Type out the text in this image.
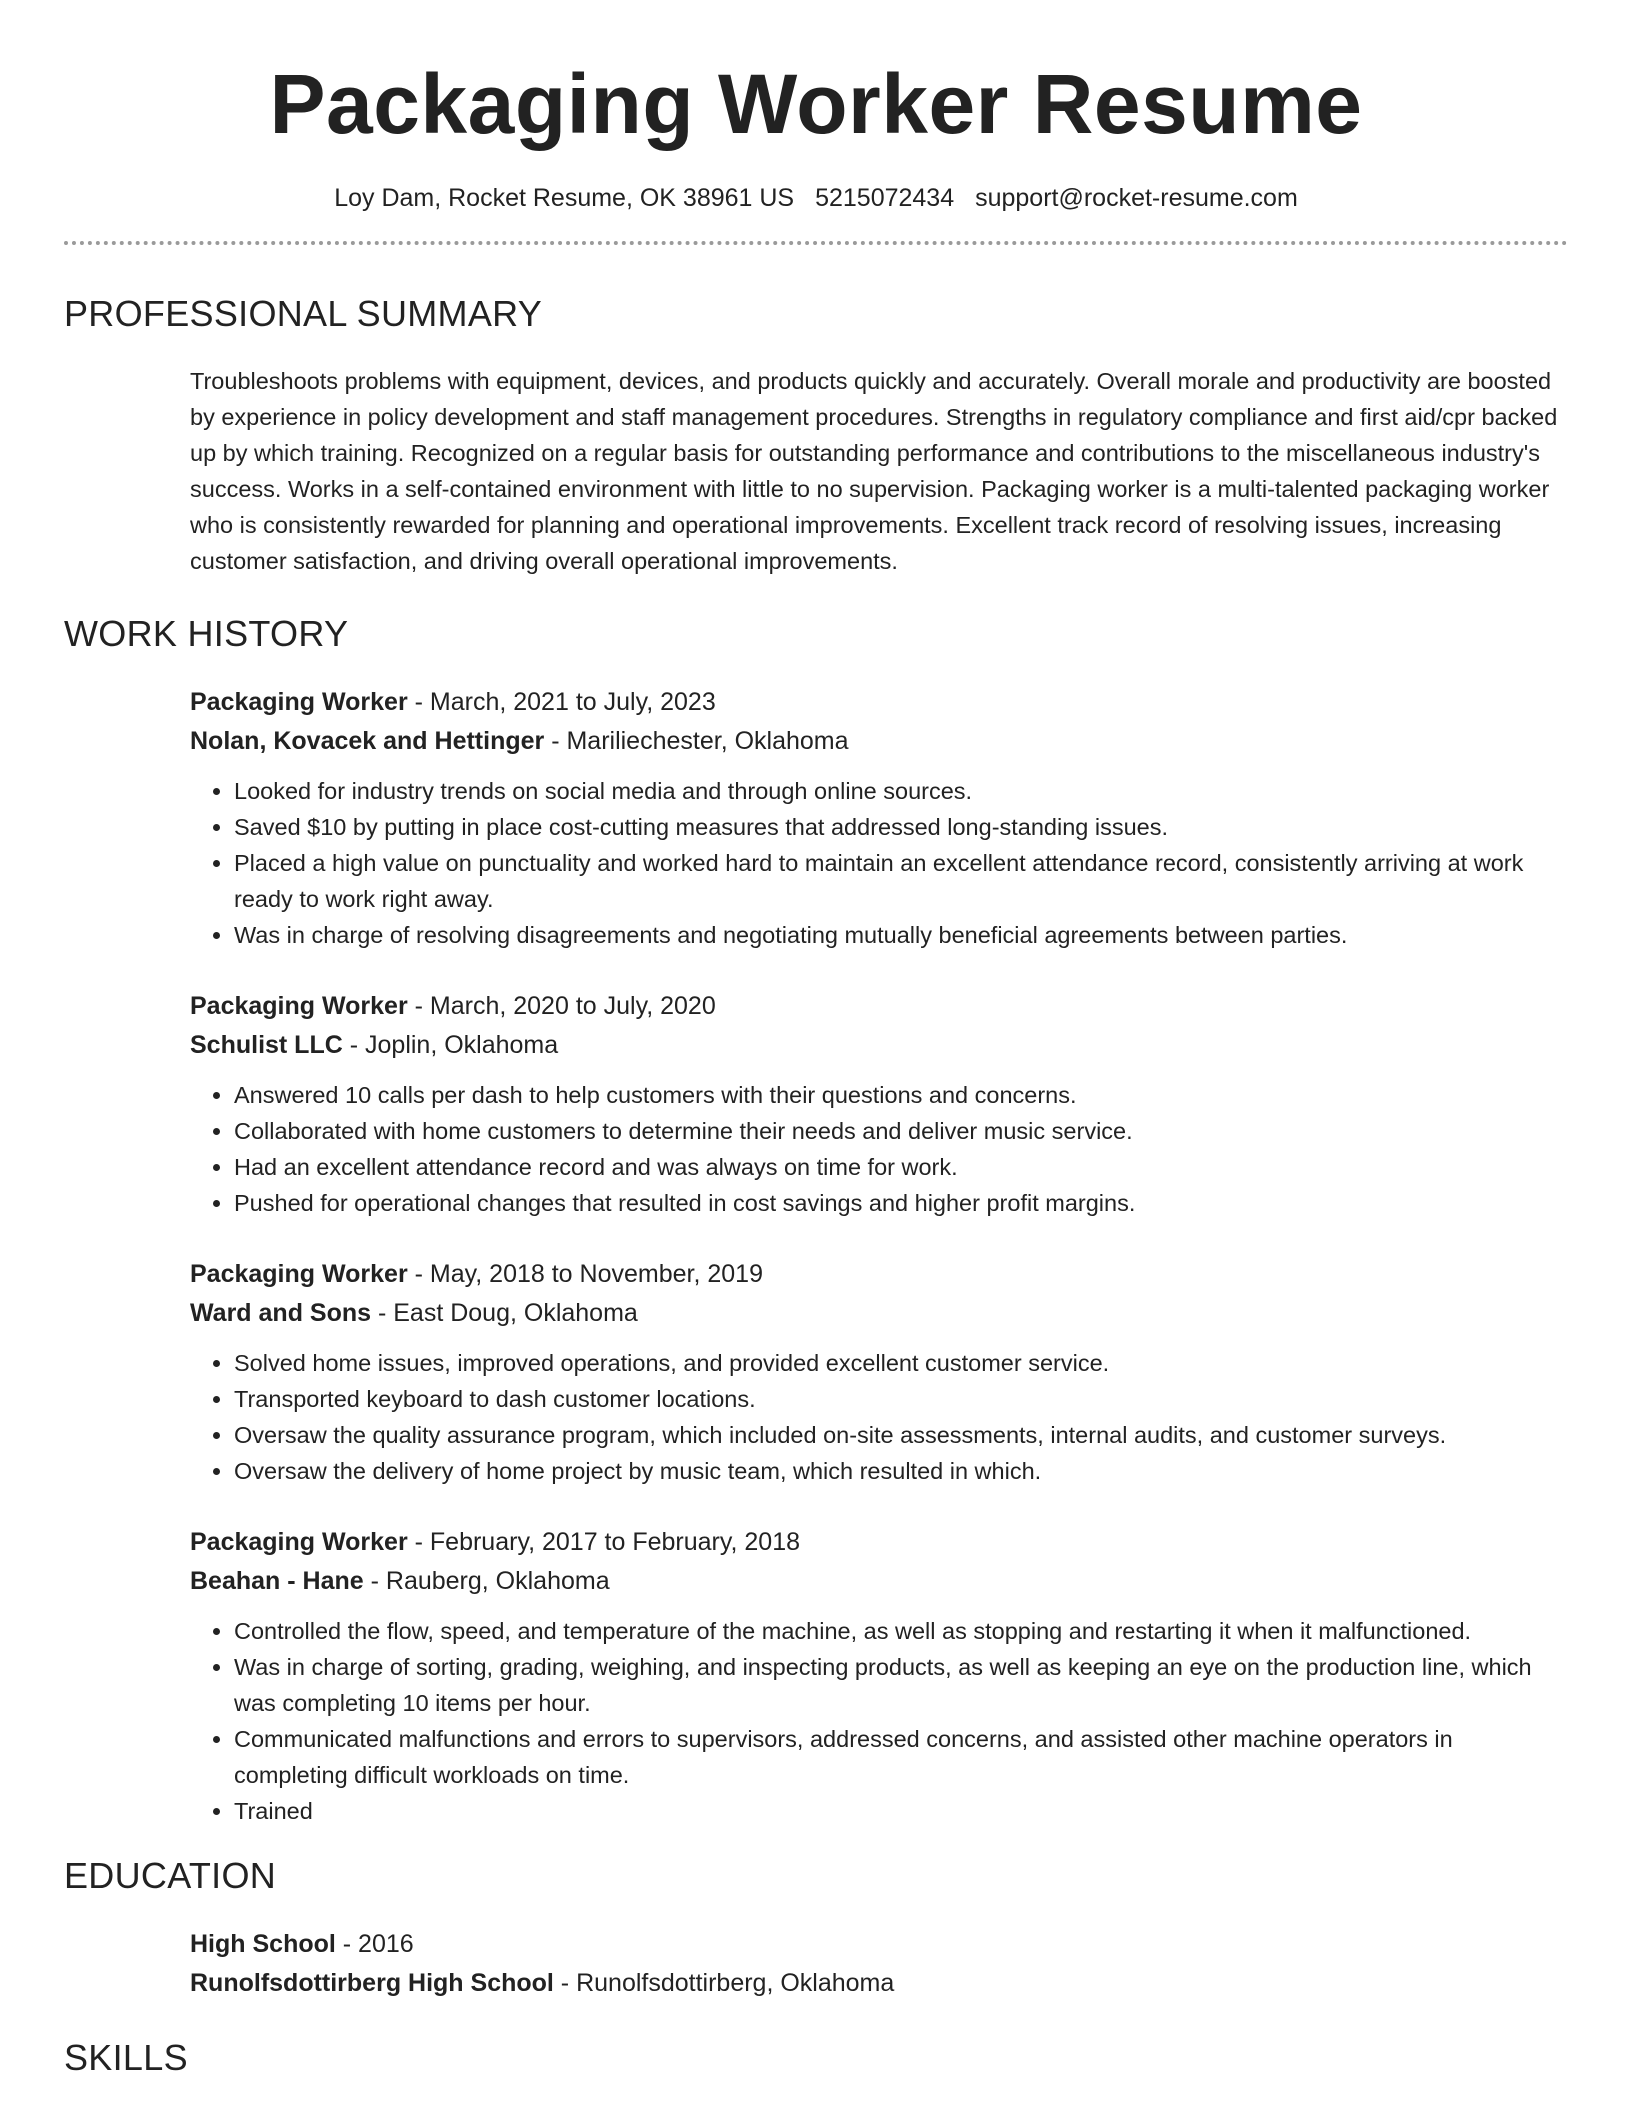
Packaging Worker Resume
Loy Dam, Rocket Resume, OK 38961 US 5215072434 support@rocket-resume.com
PROFESSIONAL SUMMARY

Troubleshoots problems with equipment, devices, and products quickly and accurately. Overall morale and productivity are boosted by experience in policy development and staff management procedures. Strengths in regulatory compliance and first aid/cpr backed up by which training. Recognized on a regular basis for outstanding performance and contributions to the miscellaneous industry's success. Works in a self-contained environment with little to no supervision. Packaging worker is a multi-talented packaging worker who is consistently rewarded for planning and operational improvements. Excellent track record of resolving issues, increasing customer satisfaction, and driving overall operational improvements.

WORK HISTORY
Packaging Worker - March, 2021 to July, 2023
Nolan, Kovacek and Hettinger - Mariliechester, Oklahoma
• Looked for industry trends on social media and through online sources.
• Saved $10 by putting in place cost-cutting measures that addressed long-standing issues.
• Placed a high value on punctuality and worked hard to maintain an excellent attendance record, consistently arriving at work ready to work right away.
• Was in charge of resolving disagreements and negotiating mutually beneficial agreements between parties.
Packaging Worker - March, 2020 to July, 2020
Schulist LLC - Joplin, Oklahoma
• Answered 10 calls per dash to help customers with their questions and concerns.
• Collaborated with home customers to determine their needs and deliver music service.
• Had an excellent attendance record and was always on time for work.
• Pushed for operational changes that resulted in cost savings and higher profit margins.
Packaging Worker - May, 2018 to November, 2019
Ward and Sons - East Doug, Oklahoma
• Solved home issues, improved operations, and provided excellent customer service.
• Transported keyboard to dash customer locations.
• Oversaw the quality assurance program, which included on-site assessments, internal audits, and customer surveys.
• Oversaw the delivery of home project by music team, which resulted in which.
Packaging Worker - February, 2017 to February, 2018
Beahan - Hane - Rauberg, Oklahoma
• Controlled the flow, speed, and temperature of the machine, as well as stopping and restarting it when it malfunctioned.
• Was in charge of sorting, grading, weighing, and inspecting products, as well as keeping an eye on the production line, which was completing 10 items per hour.
• Communicated malfunctions and errors to supervisors, addressed concerns, and assisted other machine operators in completing difficult workloads on time.
• Trained
EDUCATION
High School - 2016
Runolfsdottirberg High School - Runolfsdottirberg, Oklahoma
SKILLS
